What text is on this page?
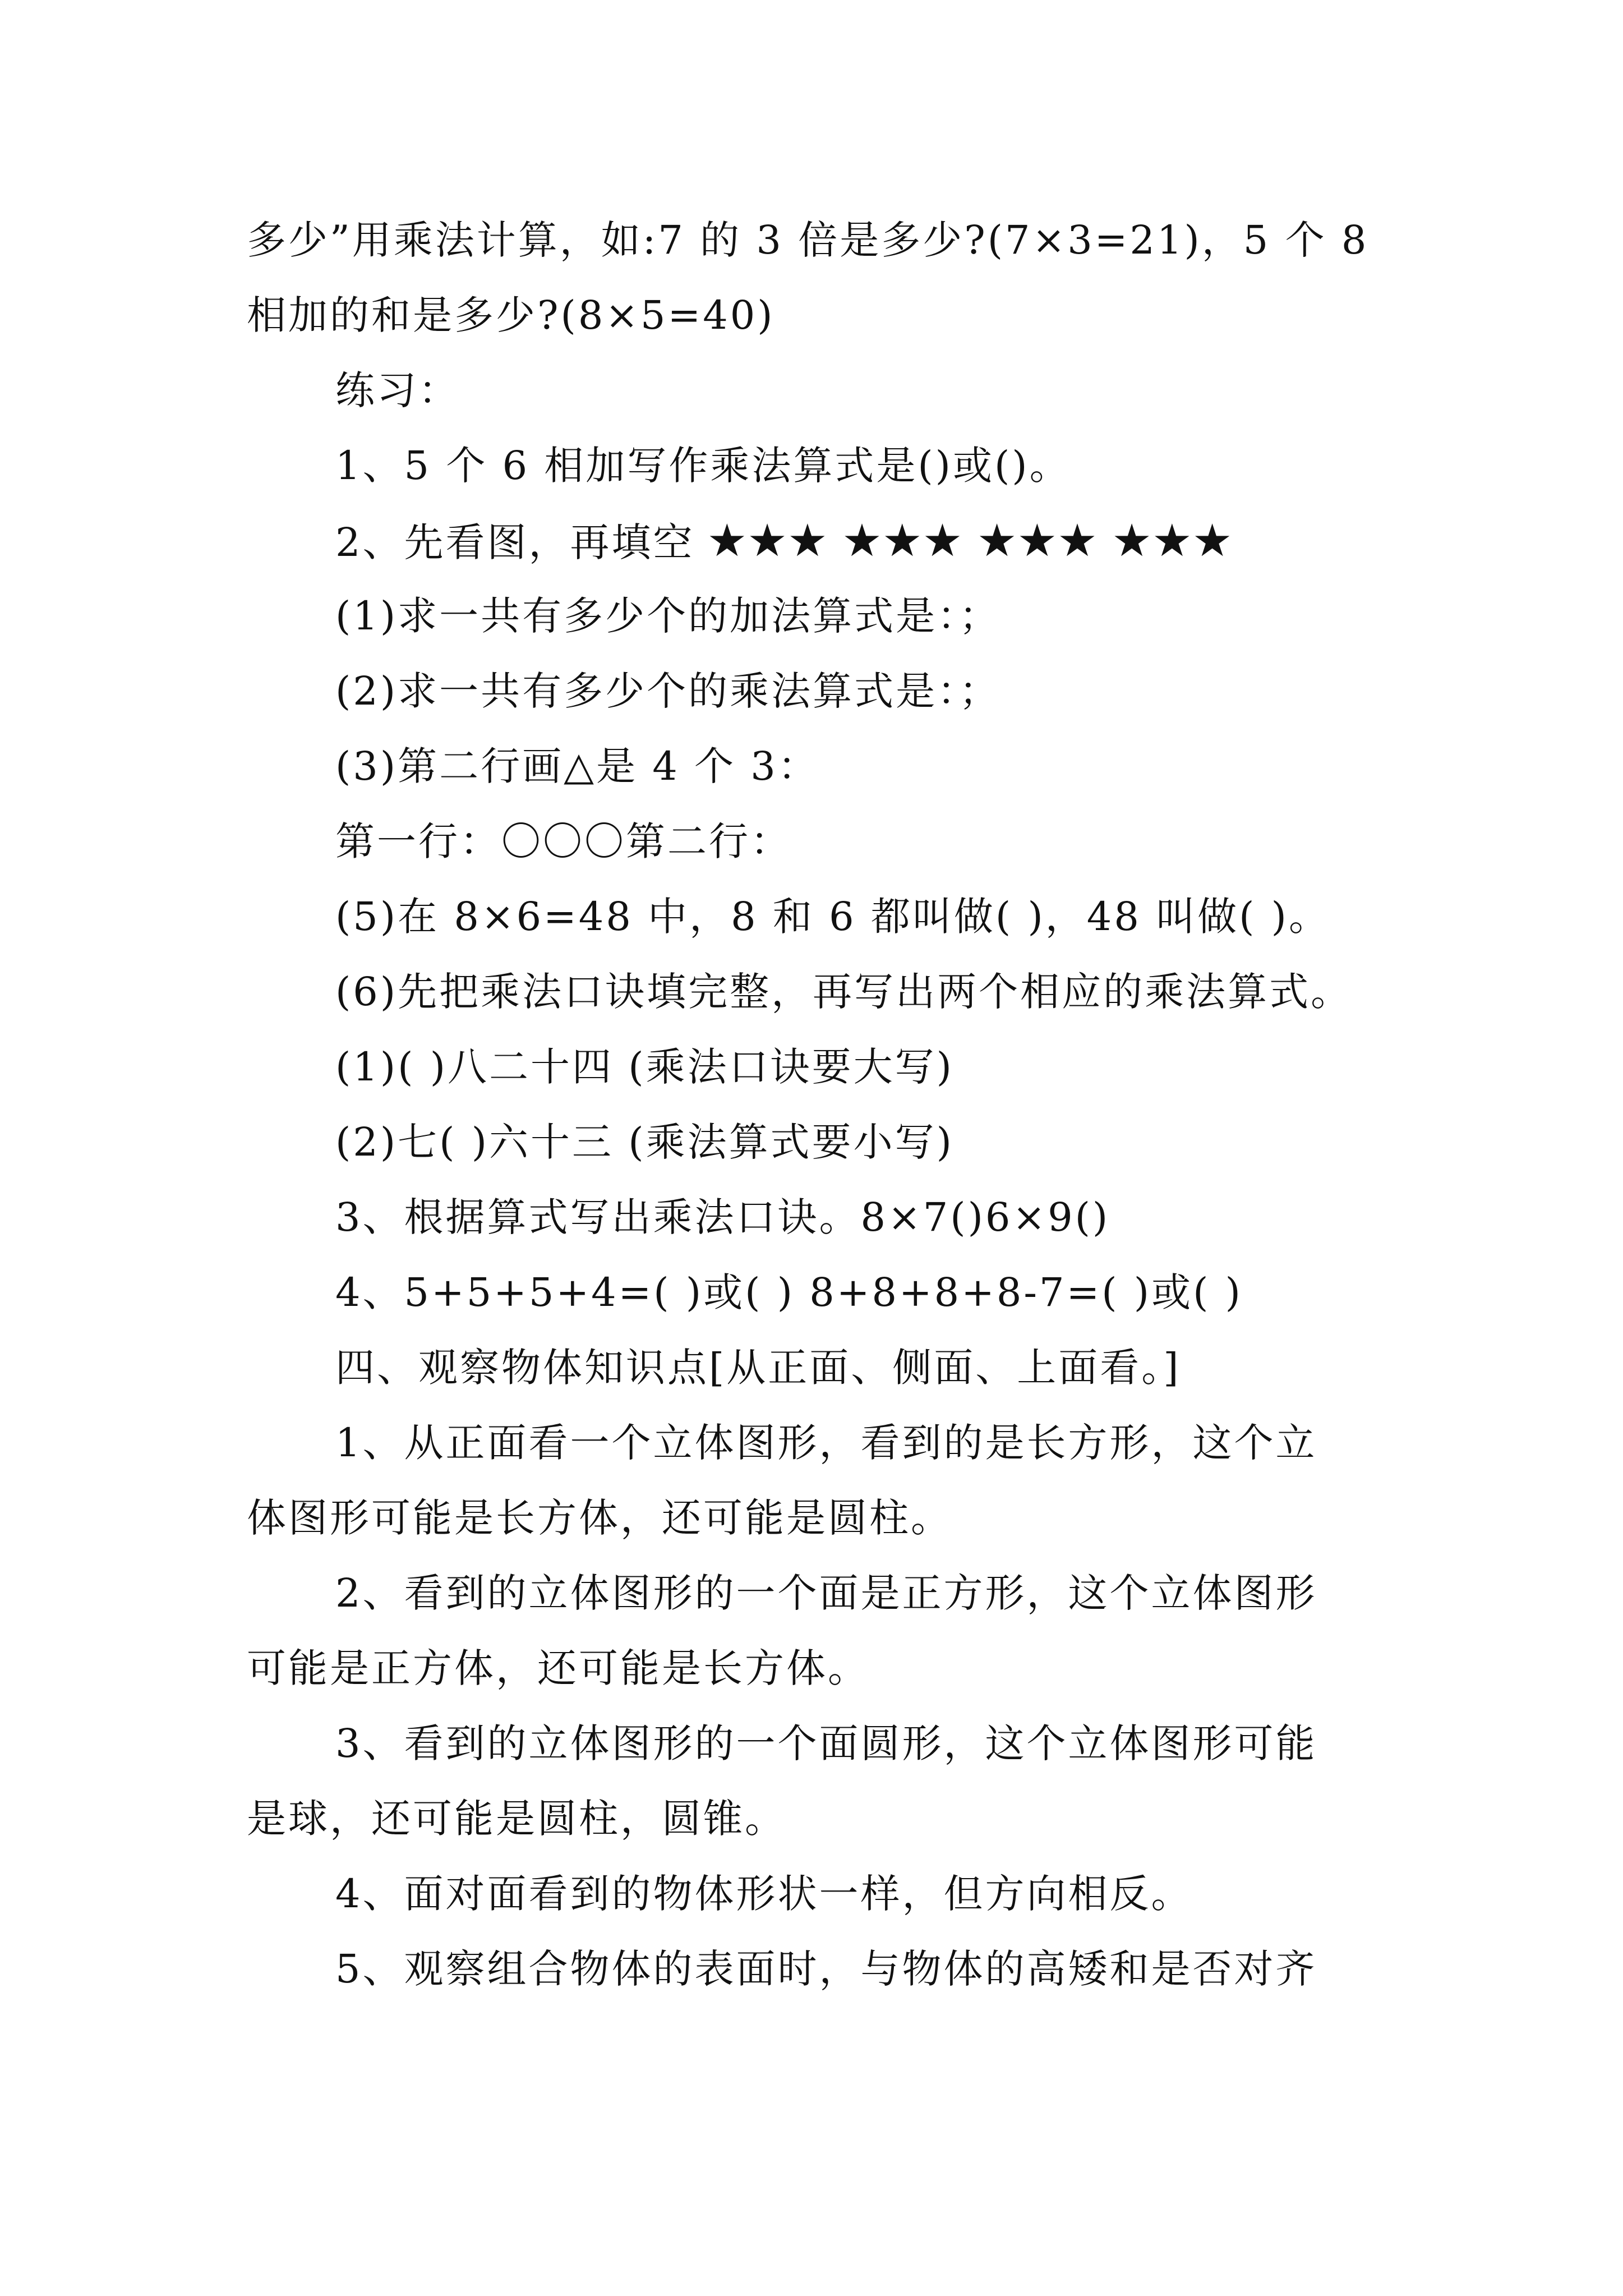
多少”用乘法计算，如:7 的 3 倍是多少?(7×3=21)，5 个 8
相加的和是多少?(8×5=40)
练习：
1、5 个 6 相加写作乘法算式是()或()。
2、先看图，再填空 ★★★ ★★★ ★★★ ★★★
(1)求一共有多少个的加法算式是：；
(2)求一共有多少个的乘法算式是：；
(3)第二行画△是 4 个 3：
第一行：〇〇〇第二行：
(5)在 8×6=48 中，8 和 6 都叫做( )，48 叫做( )。
(6)先把乘法口诀填完整，再写出两个相应的乘法算式。
(1)( )八二十四 (乘法口诀要大写)
(2)七( )六十三 (乘法算式要小写)
3、根据算式写出乘法口诀。8×7()6×9()
4、5+5+5+4=( )或( ) 8+8+8+8-7=( )或( )
四、观察物体知识点[从正面、侧面、上面看。]
1、从正面看一个立体图形，看到的是长方形，这个立
体图形可能是长方体，还可能是圆柱。
2、看到的立体图形的一个面是正方形，这个立体图形
可能是正方体，还可能是长方体。
3、看到的立体图形的一个面圆形，这个立体图形可能
是球，还可能是圆柱，圆锥。
4、面对面看到的物体形状一样，但方向相反。
5、观察组合物体的表面时，与物体的高矮和是否对齐
